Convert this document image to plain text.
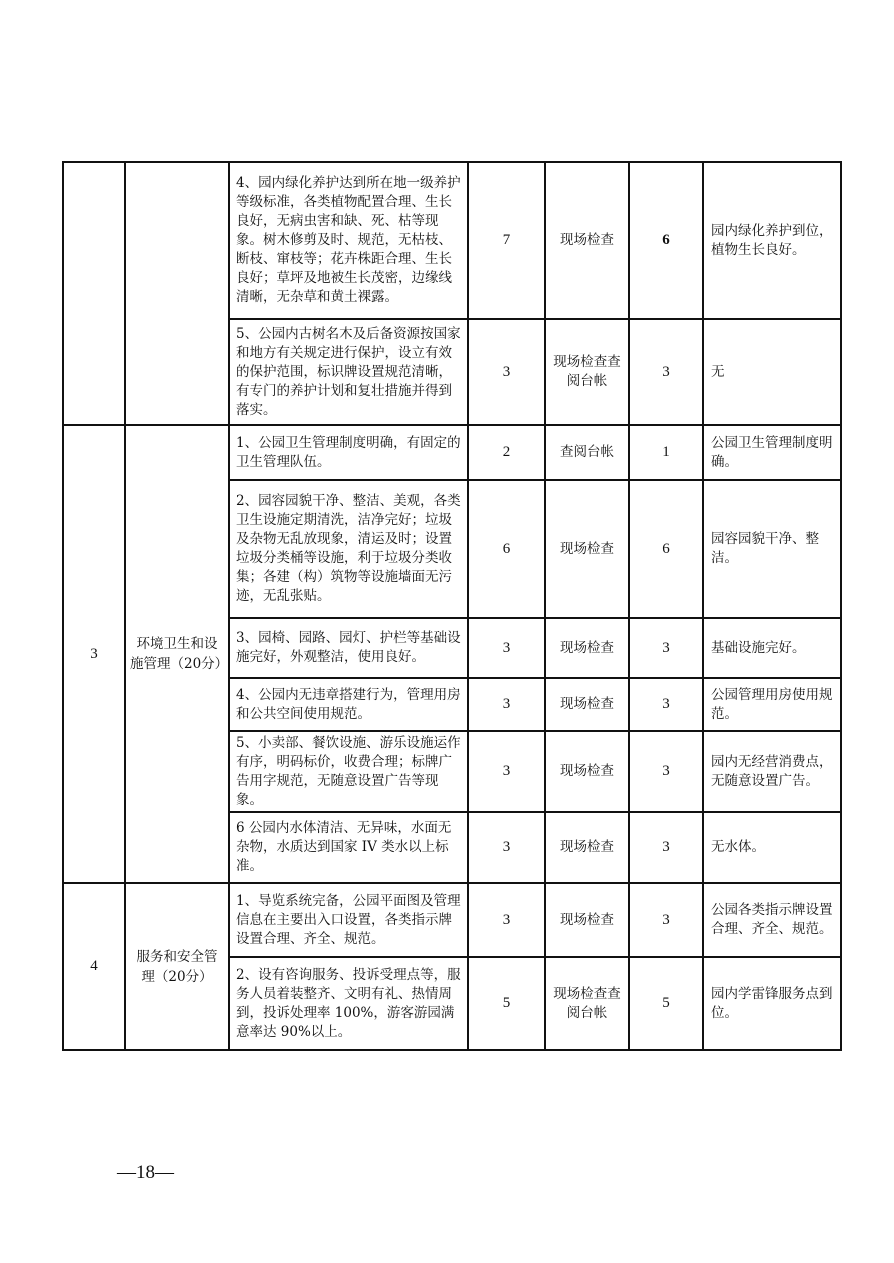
		4、园内绿化养护达到所在地一级养护等级标准，各类植物配置合理、生长良好，无病虫害和缺、死、枯等现象。树木修剪及时、规范，无枯枝、断枝、窜枝等；花卉株距合理、生长良好；草坪及地被生长茂密，边缘线清晰，无杂草和黄土裸露。	7	现场检查	6	园内绿化养护到位，植物生长良好。
		5、公园内古树名木及后备资源按国家和地方有关规定进行保护，设立有效的保护范围，标识牌设置规范清晰，有专门的养护计划和复壮措施并得到落实。	3	现场检查查阅台帐	3	无
3	环境卫生和设施管理（20分）	1、公园卫生管理制度明确，有固定的卫生管理队伍。	2	查阅台帐	1	公园卫生管理制度明确。
		2、园容园貌干净、整洁、美观，各类卫生设施定期清洗，洁净完好；垃圾及杂物无乱放现象，清运及时；设置垃圾分类桶等设施，利于垃圾分类收集；各建（构）筑物等设施墙面无污迹，无乱张贴。	6	现场检查	6	园容园貌干净、整洁。
		3、园椅、园路、园灯、护栏等基础设施完好，外观整洁，使用良好。	3	现场检查	3	基础设施完好。
		4、公园内无违章搭建行为，管理用房和公共空间使用规范。	3	现场检查	3	公园管理用房使用规范。
		5、小卖部、餐饮设施、游乐设施运作有序，明码标价，收费合理；标牌广告用字规范，无随意设置广告等现象。	3	现场检查	3	园内无经营消费点，无随意设置广告。
		6 公园内水体清洁、无异味，水面无杂物，水质达到国家 IV 类水以上标准。	3	现场检查	3	无水体。
4	服务和安全管理（20分）	1、导览系统完备，公园平面图及管理信息在主要出入口设置，各类指示牌设置合理、齐全、规范。	3	现场检查	3	公园各类指示牌设置合理、齐全、规范。
		2、设有咨询服务、投诉受理点等，服务人员着装整齐、文明有礼、热情周到，投诉处理率 100%，游客游园满意率达 90%以上。	5	现场检查查阅台帐	5	园内学雷锋服务点到位。
—18—
